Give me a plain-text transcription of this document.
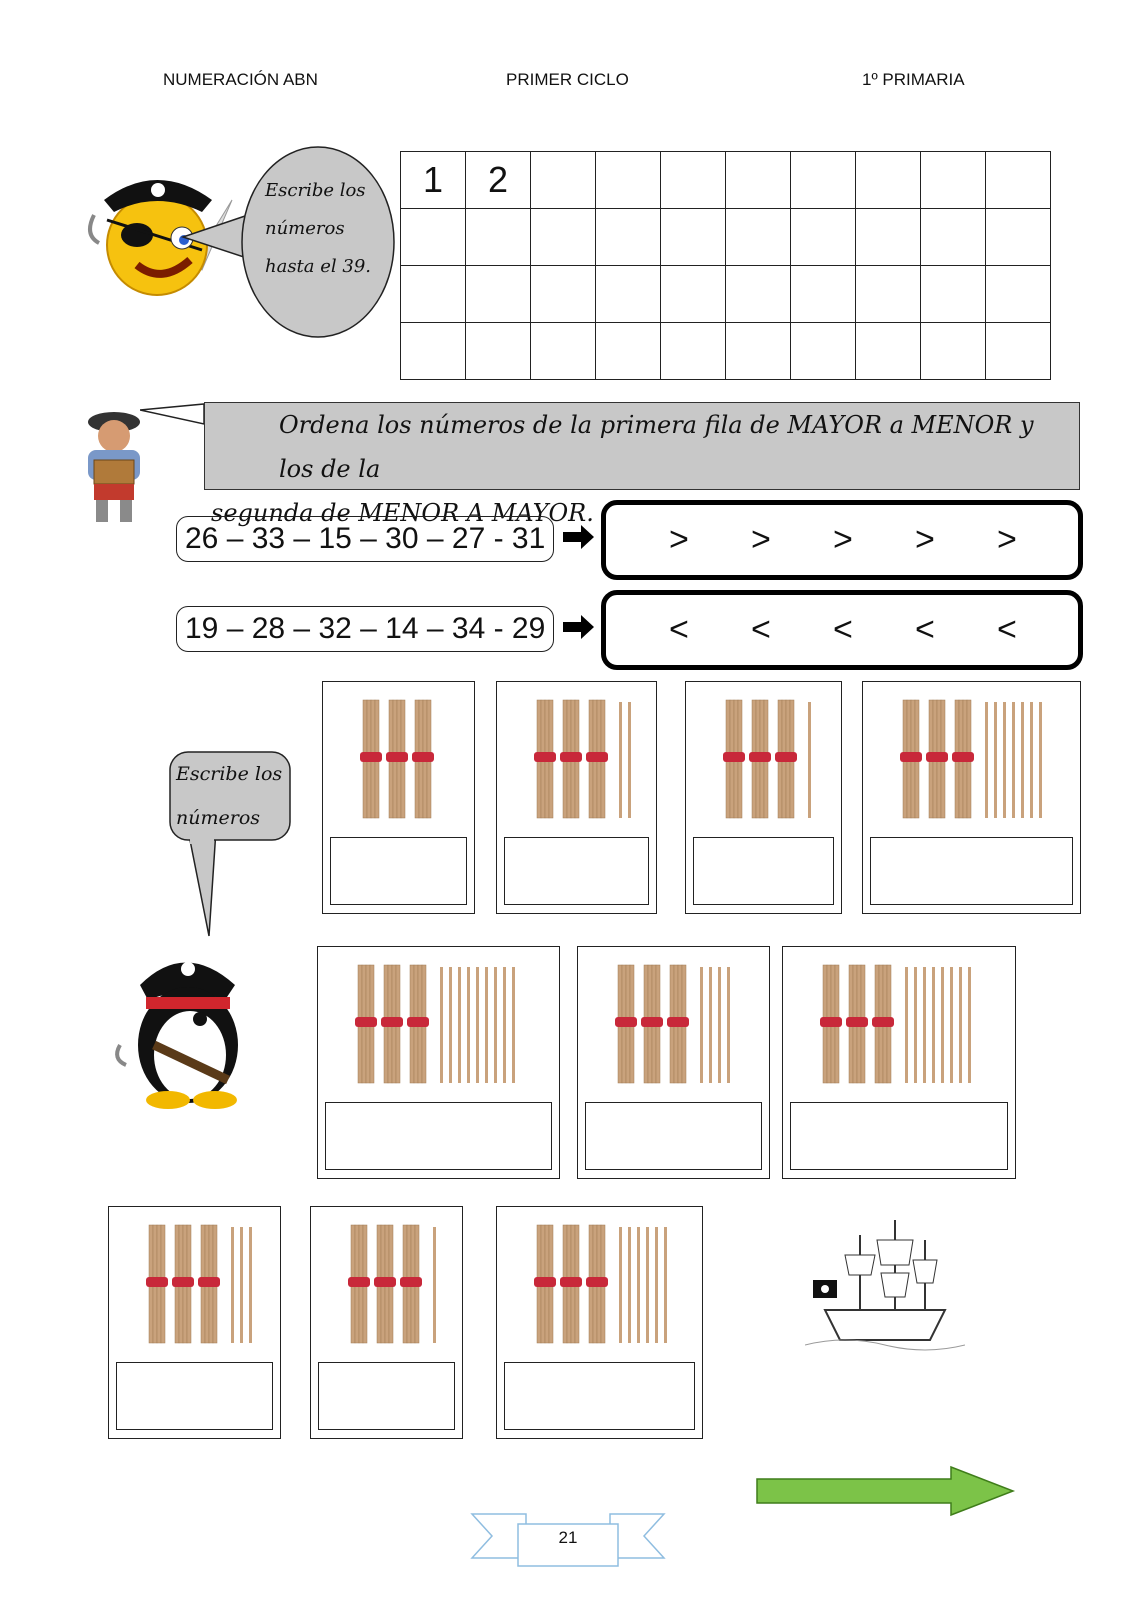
NUMERACIÓN ABN	PRIMER CICLO	1º PRIMARIA
Escribe los
números
hasta el 39.
1	2								

Ordena los números de la primera fila de MAYOR a MENOR y los de la
segunda de MENOR A MAYOR.
26 – 33 – 15 – 30 – 27 - 31	> > > > >
19 – 28 – 32 – 14 – 34 - 29	< < < < <
Escribe los
números
21
